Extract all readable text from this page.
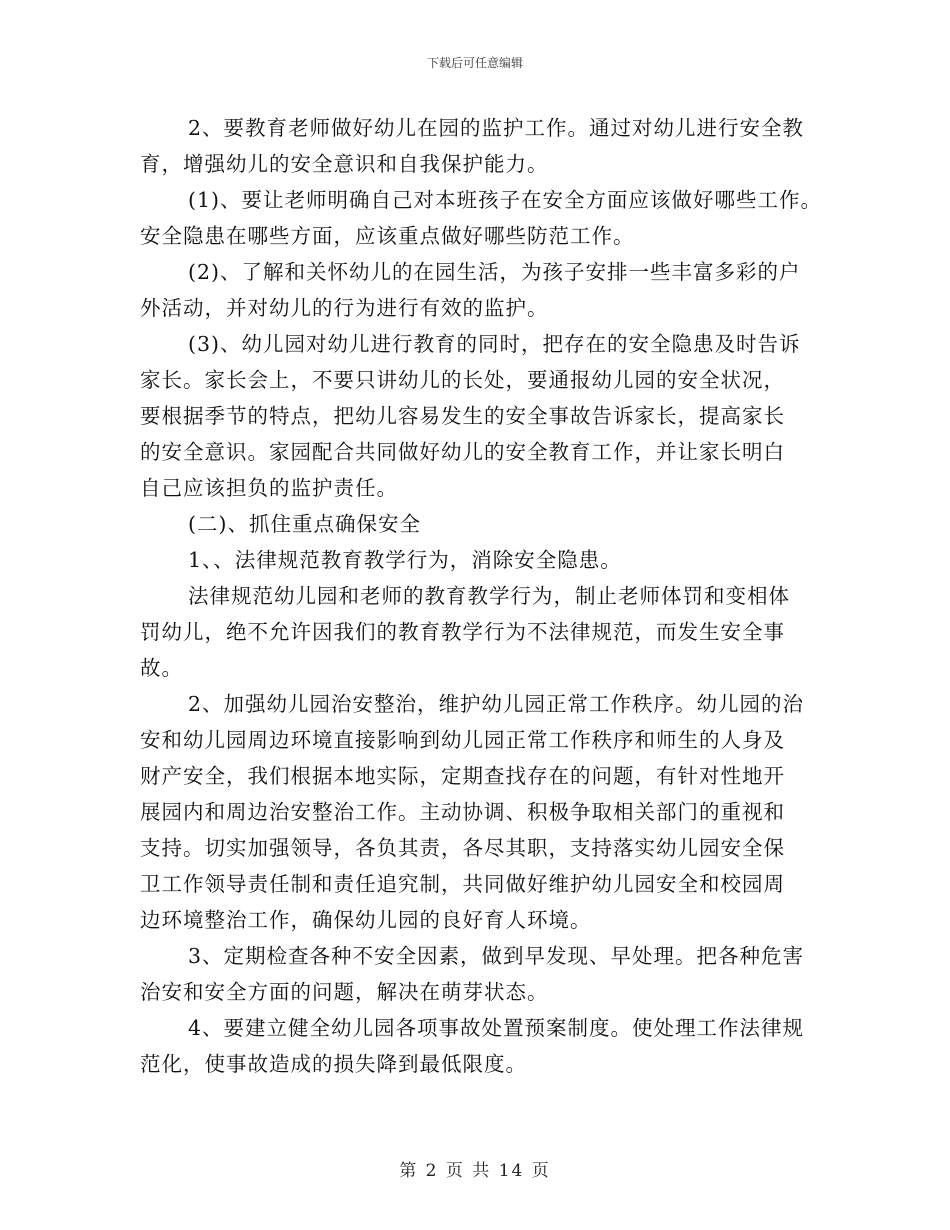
下载后可任意编辑
2、要教育老师做好幼儿在园的监护工作。通过对幼儿进行安全教
育，增强幼儿的安全意识和自我保护能力。
(1)、要让老师明确自己对本班孩子在安全方面应该做好哪些工作。
安全隐患在哪些方面，应该重点做好哪些防范工作。
(2)、了解和关怀幼儿的在园生活，为孩子安排一些丰富多彩的户
外活动，并对幼儿的行为进行有效的监护。
(3)、幼儿园对幼儿进行教育的同时，把存在的安全隐患及时告诉
家长。家长会上，不要只讲幼儿的长处，要通报幼儿园的安全状况，
要根据季节的特点，把幼儿容易发生的安全事故告诉家长，提高家长
的安全意识。家园配合共同做好幼儿的安全教育工作，并让家长明白
自己应该担负的监护责任。
(二)、抓住重点确保安全
1、、法律规范教育教学行为，消除安全隐患。
法律规范幼儿园和老师的教育教学行为，制止老师体罚和变相体
罚幼儿，绝不允许因我们的教育教学行为不法律规范，而发生安全事
故。
2、加强幼儿园治安整治，维护幼儿园正常工作秩序。幼儿园的治
安和幼儿园周边环境直接影响到幼儿园正常工作秩序和师生的人身及
财产安全，我们根据本地实际，定期查找存在的问题，有针对性地开
展园内和周边治安整治工作。主动协调、积极争取相关部门的重视和
支持。切实加强领导，各负其责，各尽其职，支持落实幼儿园安全保
卫工作领导责任制和责任追究制，共同做好维护幼儿园安全和校园周
边环境整治工作，确保幼儿园的良好育人环境。
3、定期检查各种不安全因素，做到早发现、早处理。把各种危害
治安和安全方面的问题，解决在萌芽状态。
4、要建立健全幼儿园各项事故处置预案制度。使处理工作法律规
范化，使事故造成的损失降到最低限度。
第 2 页 共 14 页
